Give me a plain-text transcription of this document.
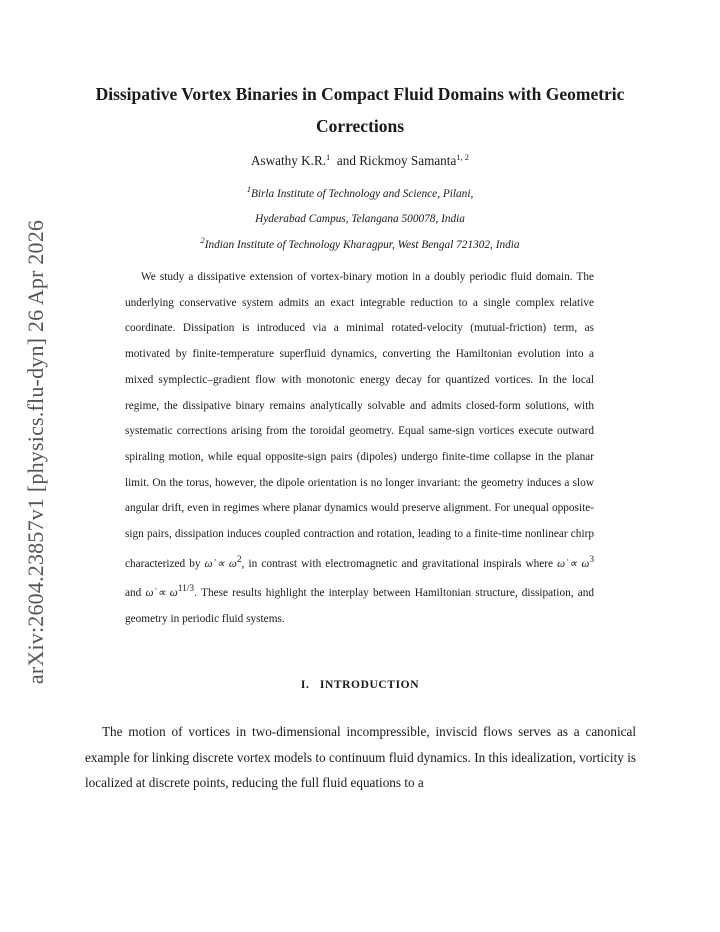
arXiv:2604.23857v1 [physics.flu-dyn] 26 Apr 2026
Dissipative Vortex Binaries in Compact Fluid Domains with Geometric Corrections
Aswathy K.R.$^1$ and Rickmoy Samanta$^{1, 2}$
$^1$Birla Institute of Technology and Science, Pilani,
Hyderabad Campus, Telangana 500078, India
$^2$Indian Institute of Technology Kharagpur, West Bengal 721302, India

We study a dissipative extension of vortex-binary motion in a doubly periodic fluid domain. The underlying conservative system admits an exact integrable reduction to a single complex relative coordinate. Dissipation is introduced via a minimal rotated-velocity (mutual-friction) term, as motivated by finite-temperature superfluid dynamics, converting the Hamiltonian evolution into a mixed symplectic–gradient flow with monotonic energy decay for quantized vortices. In the local regime, the dissipative binary remains analytically solvable and admits closed-form solutions, with systematic corrections arising from the toroidal geometry. Equal same-sign vortices execute outward spiraling motion, while equal opposite-sign pairs (dipoles) undergo finite-time collapse in the planar limit. On the torus, however, the dipole orientation is no longer invariant: the geometry induces a slow angular drift, even in regimes where planar dynamics would preserve alignment. For unequal opposite-sign pairs, dissipation induces coupled contraction and rotation, leading to a finite-time nonlinear chirp characterized by ω̇ ∝ $\omega^2$, in contrast with electromagnetic and gravitational inspirals where ω̇ ∝ $\omega^3$ and ω̇ ∝ $\omega^{11/3}$. These results highlight the interplay between Hamiltonian structure, dissipation, and geometry in periodic fluid systems.

I. INTRODUCTION

The motion of vortices in two-dimensional incompressible, inviscid flows serves as a canonical example for linking discrete vortex models to continuum fluid dynamics. In this idealization, vorticity is localized at discrete points, reducing the full fluid equations to a
